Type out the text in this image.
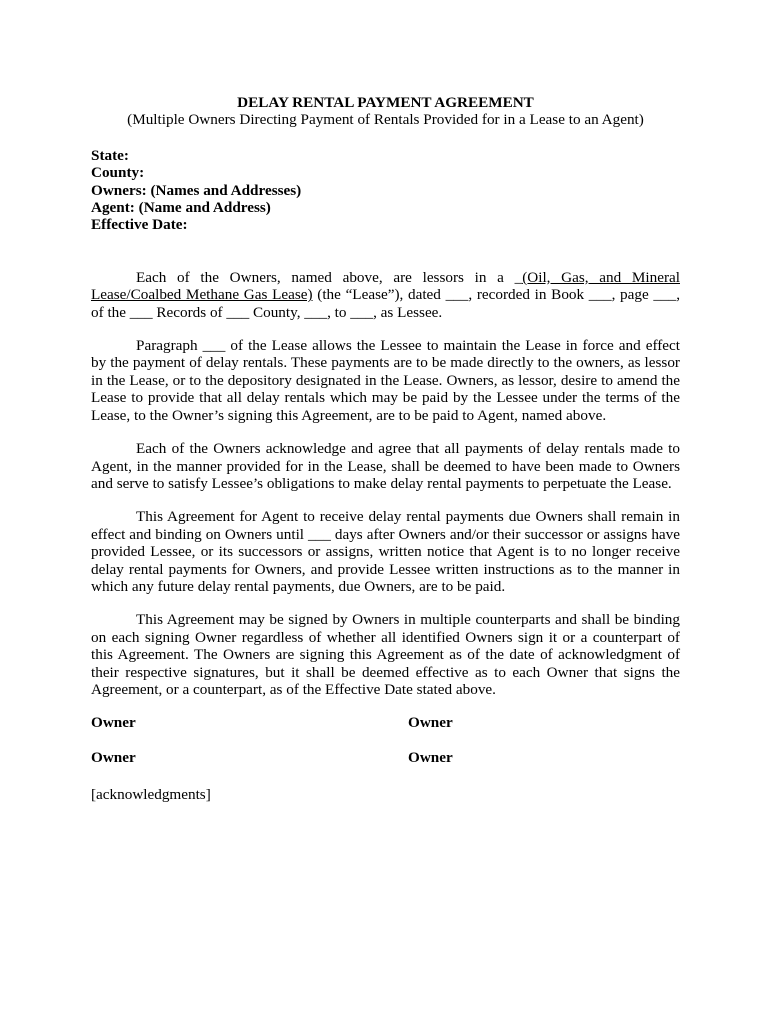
DELAY RENTAL PAYMENT AGREEMENT
(Multiple Owners Directing Payment of Rentals Provided for in a Lease to an Agent)
State:
County:
Owners: (Names and Addresses)
Agent: (Name and Address)
Effective Date:

Each of the Owners, named above, are lessors in a _(Oil, Gas, and Mineral Lease/Coalbed Methane Gas Lease) (the “Lease”), dated ___, recorded in Book ___, page ___, of the ___ Records of ___ County, ___, to ___, as Lessee.

Paragraph ___ of the Lease allows the Lessee to maintain the Lease in force and effect by the payment of delay rentals. These payments are to be made directly to the owners, as lessor in the Lease, or to the depository designated in the Lease. Owners, as lessor, desire to amend the Lease to provide that all delay rentals which may be paid by the Lessee under the terms of the Lease, to the Owner’s signing this Agreement, are to be paid to Agent, named above.

Each of the Owners acknowledge and agree that all payments of delay rentals made to Agent, in the manner provided for in the Lease, shall be deemed to have been made to Owners and serve to satisfy Lessee’s obligations to make delay rental payments to perpetuate the Lease.

This Agreement for Agent to receive delay rental payments due Owners shall remain in effect and binding on Owners until ___ days after Owners and/or their successor or assigns have provided Lessee, or its successors or assigns, written notice that Agent is to no longer receive delay rental payments for Owners, and provide Lessee written instructions as to the manner in which any future delay rental payments, due Owners, are to be paid.

This Agreement may be signed by Owners in multiple counterparts and shall be binding on each signing Owner regardless of whether all identified Owners sign it or a counterpart of this Agreement. The Owners are signing this Agreement as of the date of acknowledgment of their respective signatures, but it shall be deemed effective as to each Owner that signs the Agreement, or a counterpart, as of the Effective Date stated above.

Owner	Owner
Owner	Owner
[acknowledgments]
